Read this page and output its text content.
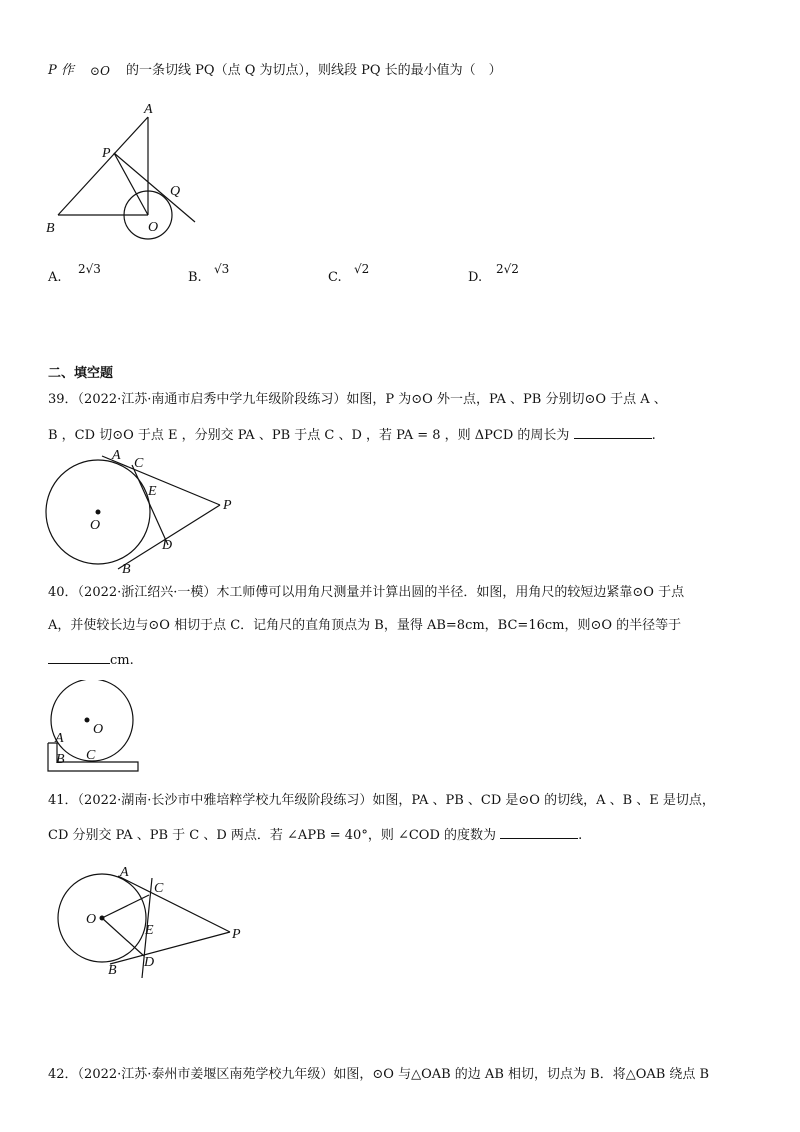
P 作 ⊙O 的一条切线 PQ（点 Q 为切点），则线段 PQ 长的最小值为（　）
A
P
Q
B	O
A.
2√3
B.
√3
C.
√2
D.
2√2
二、填空题
39．（2022·江苏·南通市启秀中学九年级阶段练习）如图，P 为⊙O 外一点，PA 、PB 分别切⊙O 于点 A 、
B ，CD 切⊙O 于点 E ，分别交 PA 、PB 于点 C 、D ，若 PA = 8 ，则 ΔPCD 的周长为	.
A
C
E
P
O
D
B
40．（2022·浙江绍兴·一模）木工师傅可以用角尺测量并计算出圆的半径．如图，用角尺的较短边紧靠⊙O 于点
A，并使较长边与⊙O 相切于点 C．记角尺的直角顶点为 B，量得 AB=8cm，BC=16cm，则⊙O 的半径等于
cm.
O
A
B C
41．（2022·湖南·长沙市中雅培粹学校九年级阶段练习）如图，PA 、PB 、CD 是⊙O 的切线，A 、B 、E 是切点，
CD 分别交 PA 、PB 于 C 、D 两点．若 ∠APB = 40°，则 ∠COD 的度数为	.
A
C
O
E	P
B
D
42．（2022·江苏·泰州市姜堰区南苑学校九年级）如图，⊙O 与△OAB 的边 AB 相切，切点为 B．将△OAB 绕点 B
